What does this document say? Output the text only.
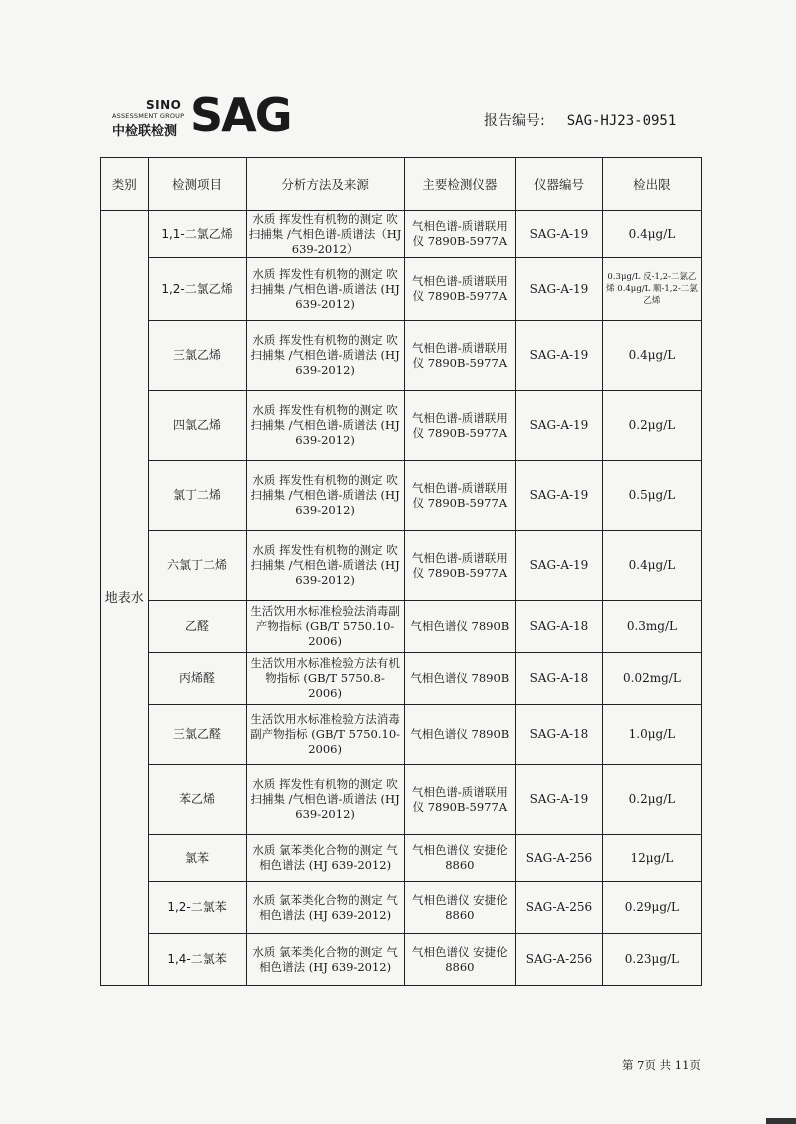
SINO
ASSESSMENT GROUP
中检联检测 SAG	报告编号: SAG-HJ23-0951
类别	检测项目	分析方法及来源	主要检测仪器	仪器编号	检出限
地表水	1,1-二氯乙烯	水质 挥发性有机物的测定 吹扫捕集 /气相色谱-质谱法（HJ 639-2012）	气相色谱-质谱联用仪 7890B-5977A	SAG-A-19	0.4μg/L
	1,2-二氯乙烯	水质 挥发性有机物的测定 吹扫捕集 /气相色谱-质谱法 (HJ 639-2012)	气相色谱-质谱联用仪 7890B-5977A	SAG-A-19	0.3μg/L 反-1,2-二氯乙烯 0.4μg/L 顺-1,2-二氯乙烯
	三氯乙烯	水质 挥发性有机物的测定 吹扫捕集 /气相色谱-质谱法 (HJ 639-2012)	气相色谱-质谱联用仪 7890B-5977A	SAG-A-19	0.4μg/L
	四氯乙烯	水质 挥发性有机物的测定 吹扫捕集 /气相色谱-质谱法 (HJ 639-2012)	气相色谱-质谱联用仪 7890B-5977A	SAG-A-19	0.2μg/L
	氯丁二烯	水质 挥发性有机物的测定 吹扫捕集 /气相色谱-质谱法 (HJ 639-2012)	气相色谱-质谱联用仪 7890B-5977A	SAG-A-19	0.5μg/L
	六氯丁二烯	水质 挥发性有机物的测定 吹扫捕集 /气相色谱-质谱法 (HJ 639-2012)	气相色谱-质谱联用仪 7890B-5977A	SAG-A-19	0.4μg/L
	乙醛	生活饮用水标准检验法消毒副产物指标 (GB/T 5750.10-2006)	气相色谱仪 7890B	SAG-A-18	0.3mg/L
	丙烯醛	生活饮用水标准检验方法有机物指标 (GB/T 5750.8-2006)	气相色谱仪 7890B	SAG-A-18	0.02mg/L
	三氯乙醛	生活饮用水标准检验方法消毒副产物指标 (GB/T 5750.10-2006)	气相色谱仪 7890B	SAG-A-18	1.0μg/L
	苯乙烯	水质 挥发性有机物的测定 吹扫捕集 /气相色谱-质谱法 (HJ 639-2012)	气相色谱-质谱联用仪 7890B-5977A	SAG-A-19	0.2μg/L
	氯苯	水质 氯苯类化合物的测定 气相色谱法 (HJ 639-2012)	气相色谱仪 安捷伦 8860	SAG-A-256	12μg/L
	1,2-二氯苯	水质 氯苯类化合物的测定 气相色谱法 (HJ 639-2012)	气相色谱仪 安捷伦 8860	SAG-A-256	0.29μg/L
	1,4-二氯苯	水质 氯苯类化合物的测定 气相色谱法 (HJ 639-2012)	气相色谱仪 安捷伦 8860	SAG-A-256	0.23μg/L
第 7页 共 11页
